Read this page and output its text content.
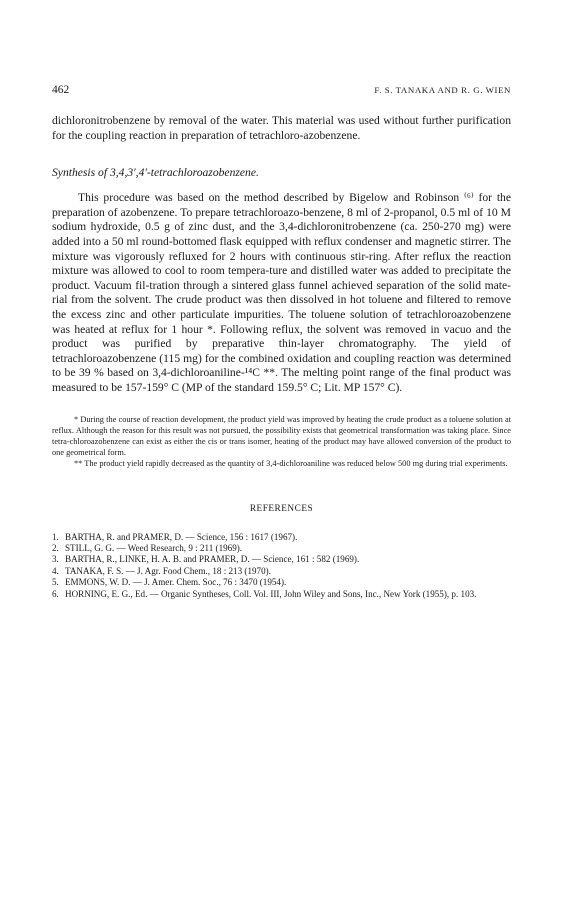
462	F. S. TANAKA AND R. G. WIEN

dichloronitrobenzene by removal of the water. This material was used without further purification for the coupling reaction in preparation of tetrachloro-azobenzene.

Synthesis of 3,4,3′,4′-tetrachloroazobenzene.

This procedure was based on the method described by Bigelow and Robinson ⁽⁶⁾ for the preparation of azobenzene. To prepare tetrachloroazo-benzene, 8 ml of 2-propanol, 0.5 ml of 10 M sodium hydroxide, 0.5 g of zinc dust, and the 3,4-dichloronitrobenzene (ca. 250-270 mg) were added into a 50 ml round-bottomed flask equipped with reflux condenser and magnetic stirrer. The mixture was vigorously refluxed for 2 hours with continuous stir-ring. After reflux the reaction mixture was allowed to cool to room tempera-ture and distilled water was added to precipitate the product. Vacuum fil-tration through a sintered glass funnel achieved separation of the solid mate-rial from the solvent. The crude product was then dissolved in hot toluene and filtered to remove the excess zinc and other particulate impurities. The toluene solution of tetrachloroazobenzene was heated at reflux for 1 hour *. Following reflux, the solvent was removed in vacuo and the product was purified by preparative thin-layer chromatography. The yield of tetrachloroazobenzene (115 mg) for the combined oxidation and coupling reaction was determined to be 39 % based on 3,4-dichloroaniline-¹⁴C **. The melting point range of the final product was measured to be 157-159° C (MP of the standard 159.5° C; Lit. MP 157° C).

* During the course of reaction development, the product yield was improved by heating the crude product as a toluene solution at reflux. Although the reason for this result was not pursued, the possibility exists that geometrical transformation was taking place. Since tetra-chloroazobenzene can exist as either the cis or trans isomer, heating of the product may have allowed conversion of the product to one geometrical form.

** The product yield rapidly decreased as the quantity of 3,4-dichloroaniline was reduced below 500 mg during trial experiments.

REFERENCES
1. BARTHA, R. and PRAMER, D. — Science, 156 : 1617 (1967).
2. STILL, G. G. — Weed Research, 9 : 211 (1969).
3. BARTHA, R., LINKE, H. A. B. and PRAMER, D. — Science, 161 : 582 (1969).
4. TANAKA, F. S. — J. Agr. Food Chem., 18 : 213 (1970).
5. EMMONS, W. D. — J. Amer. Chem. Soc., 76 : 3470 (1954).
6. HORNING, E. G., Ed. — Organic Syntheses, Coll. Vol. III, John Wiley and Sons, Inc., New York (1955), p. 103.
